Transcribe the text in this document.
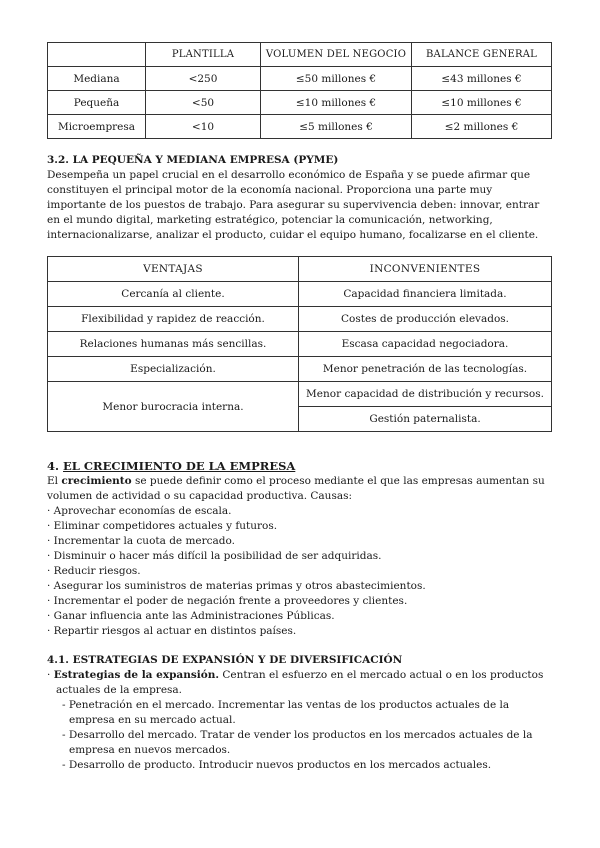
	PLANTILLA	VOLUMEN DEL NEGOCIO	BALANCE GENERAL
Mediana	<250	≤50 millones €	≤43 millones €
Pequeña	<50	≤10 millones €	≤10 millones €
Microempresa	<10	≤5 millones €	≤2 millones €
3.2. LA PEQUEÑA Y MEDIANA EMPRESA (PYME)

Desempeña un papel crucial en el desarrollo económico de España y se puede afirmar que constituyen el principal motor de la economía nacional. Proporciona una parte muy importante de los puestos de trabajo. Para asegurar su supervivencia deben: innovar, entrar en el mundo digital, marketing estratégico, potenciar la comunicación, networking, internacionalizarse, analizar el producto, cuidar el equipo humano, focalizarse en el cliente.

VENTAJAS	INCONVENIENTES
Cercanía al cliente.	Capacidad financiera limitada.
Flexibilidad y rapidez de reacción.	Costes de producción elevados.
Relaciones humanas más sencillas.	Escasa capacidad negociadora.
Especialización.	Menor penetración de las tecnologías.
Menor burocracia interna.	Menor capacidad de distribución y recursos.
	Gestión paternalista.
4. EL CRECIMIENTO DE LA EMPRESA

El crecimiento se puede definir como el proceso mediante el que las empresas aumentan su volumen de actividad o su capacidad productiva. Causas:

· Aprovechar economías de escala.
· Eliminar competidores actuales y futuros.
· Incrementar la cuota de mercado.
· Disminuir o hacer más difícil la posibilidad de ser adquiridas.
· Reducir riesgos.
· Asegurar los suministros de materias primas y otros abastecimientos.
· Incrementar el poder de negación frente a proveedores y clientes.
· Ganar influencia ante las Administraciones Públicas.
· Repartir riesgos al actuar en distintos países.
4.1. ESTRATEGIAS DE EXPANSIÓN Y DE DIVERSIFICACIÓN

· Estrategias de la expansión. Centran el esfuerzo en el mercado actual o en los productos actuales de la empresa.

- Penetración en el mercado. Incrementar las ventas de los productos actuales de la empresa en su mercado actual.
- Desarrollo del mercado. Tratar de vender los productos en los mercados actuales de la empresa en nuevos mercados.
- Desarrollo de producto. Introducir nuevos productos en los mercados actuales.
